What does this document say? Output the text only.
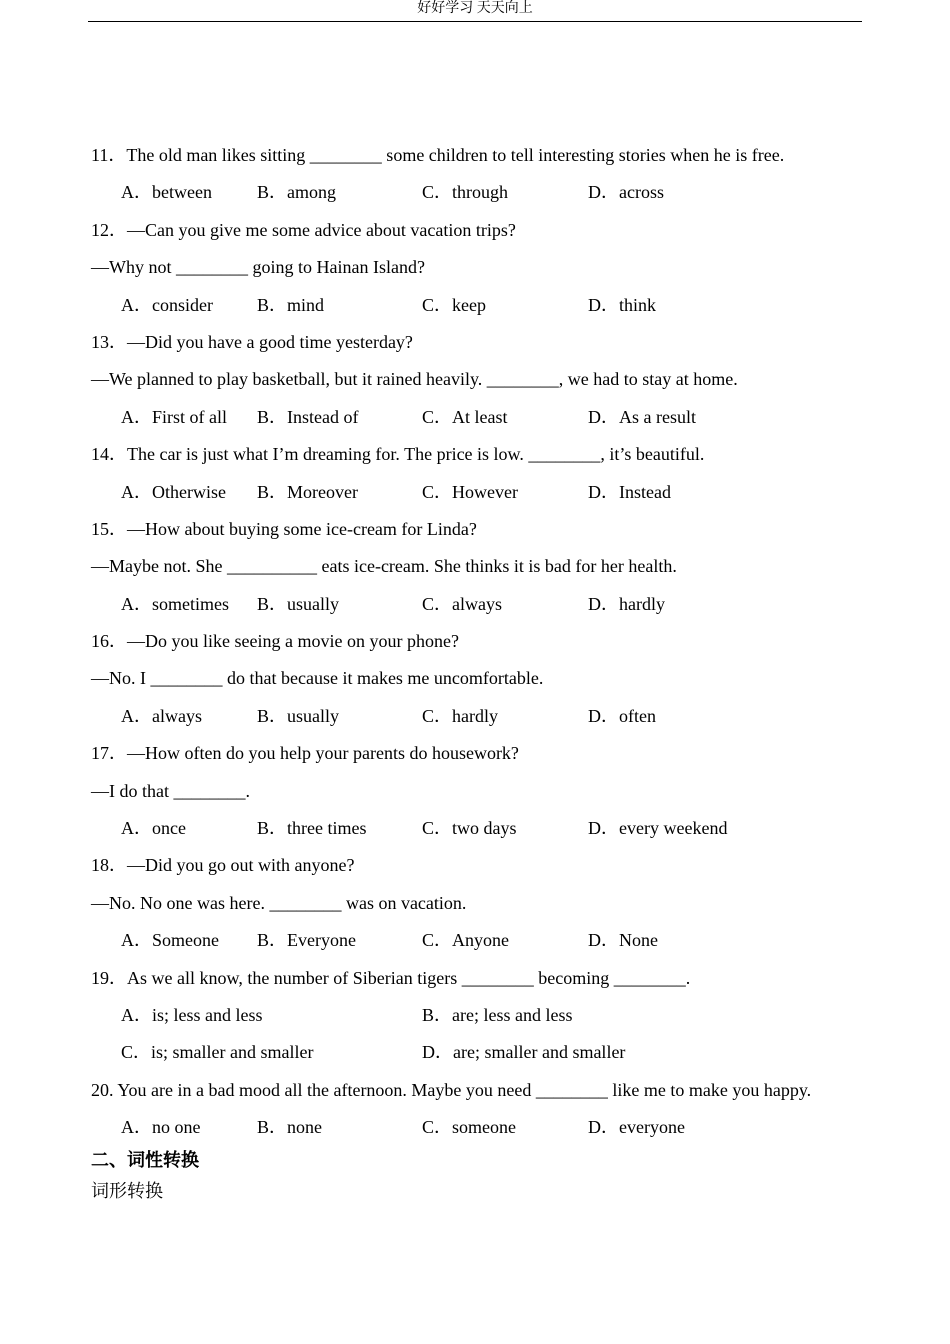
好好学习 天天向上
11．The old man likes sitting ________ some children to tell interesting stories when he is free.
A．between	B．among	C．through	D．across
12．—Can you give me some advice about vacation trips?
—Why not ________ going to Hainan Island?
A．consider B．mind	C．keep	D．think
13．—Did you have a good time yesterday?
—We planned to play basketball, but it rained heavily. ________, we had to stay at home.
A．First of all B．Instead of	C．At least	D．As a result
14．The car is just what I’m dreaming for. The price is low. ________, it’s beautiful.
A．Otherwise B．Moreover	C．However	D．Instead
15．—How about buying some ice-cream for Linda?
—Maybe not. She __________ eats ice-cream. She thinks it is bad for her health.
A．sometimes B．usually	C．always	D．hardly
16．—Do you like seeing a movie on your phone?
—No. I ________ do that because it makes me uncomfortable.
A．always	B．usually	C．hardly	D．often
17．—How often do you help your parents do housework?
—I do that ________.
A．once	B．three times	C．two days	D．every weekend
18．—Did you go out with anyone?
—No. No one was here. ________ was on vacation.
A．Someone B．Everyone	C．Anyone	D．None
19．As we all know, the number of Siberian tigers ________ becoming ________.
A．is; less and less	B．are; less and less
C．is; smaller and smaller	D．are; smaller and smaller
20. You are in a bad mood all the afternoon. Maybe you need ________ like me to make you happy.
A．no one	B．none	C．someone	D．everyone
二、词性转换
词形转换
